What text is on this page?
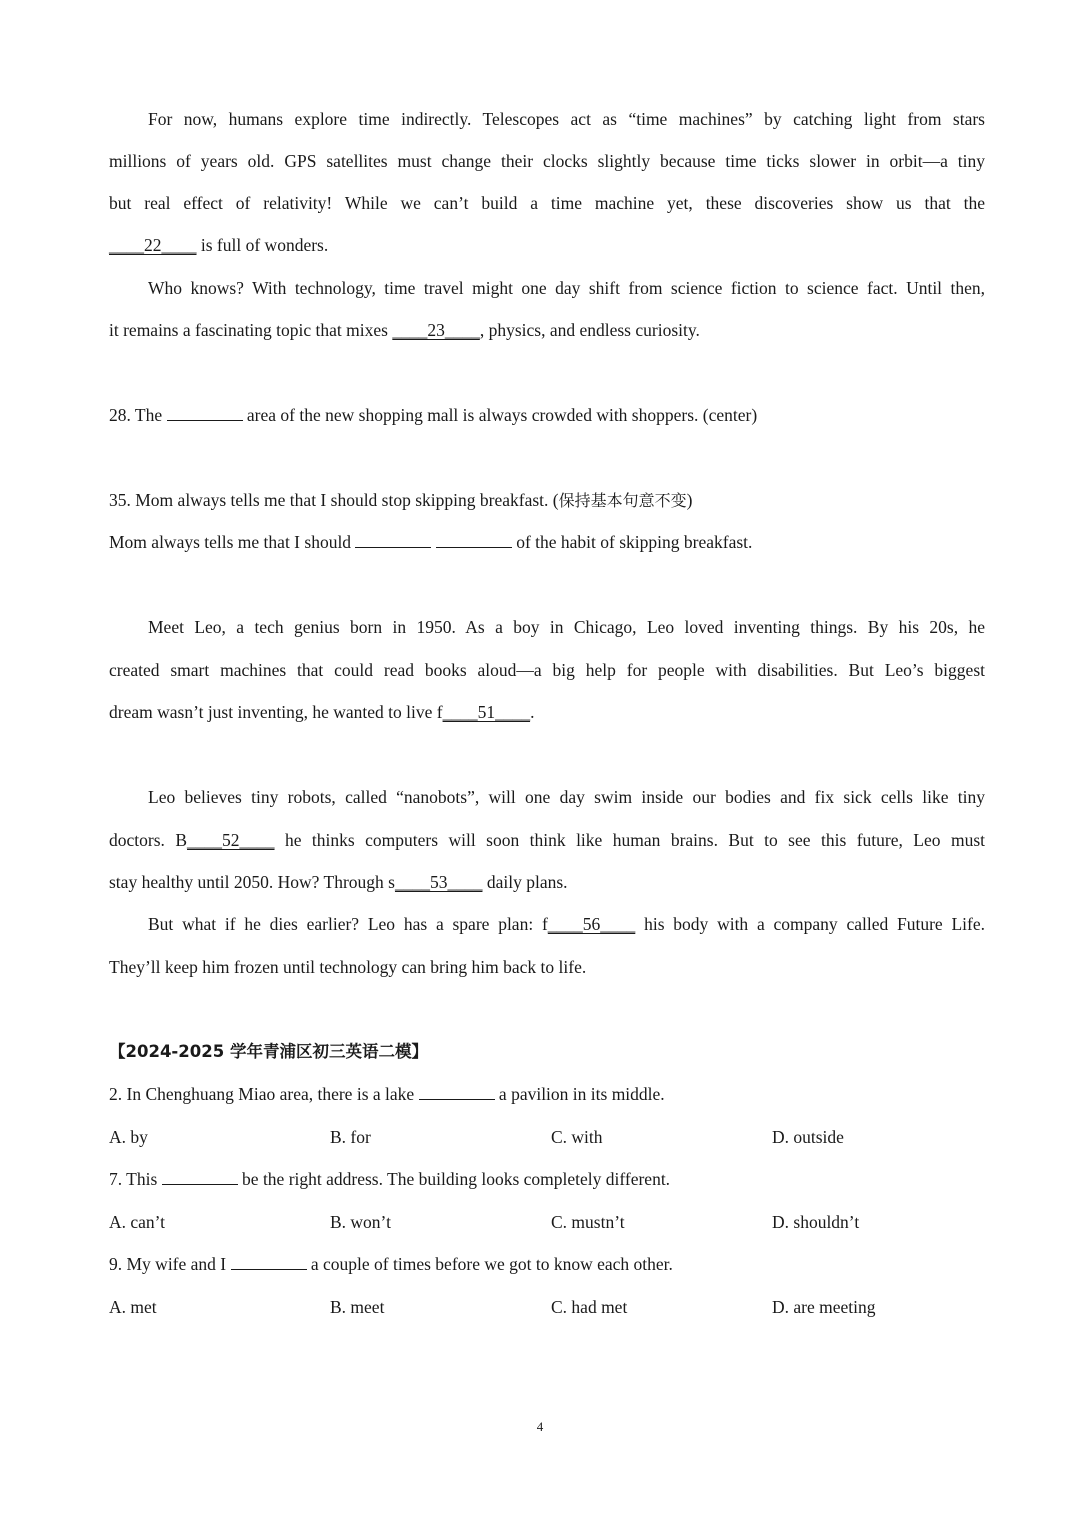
For now, humans explore time indirectly. Telescopes act as “time machines” by catching light from stars
millions of years old. GPS satellites must change their clocks slightly because time ticks slower in orbit—a tiny
but real effect of relativity! While we can’t build a time machine yet, these discoveries show us that the
____22____ is full of wonders.
Who knows? With technology, time travel might one day shift from science fiction to science fact. Until then,
it remains a fascinating topic that mixes ____23____, physics, and endless curiosity.
28. The	area of the new shopping mall is always crowded with shoppers. (center)
35. Mom always tells me that I should stop skipping breakfast. (保持基本句意不变)
Mom always tells me that I should	of the habit of skipping breakfast.
Meet Leo, a tech genius born in 1950. As a boy in Chicago, Leo loved inventing things. By his 20s, he
created smart machines that could read books aloud—a big help for people with disabilities. But Leo’s biggest
dream wasn’t just inventing, he wanted to live f____51____.
Leo believes tiny robots, called “nanobots”, will one day swim inside our bodies and fix sick cells like tiny
doctors. B____52____ he thinks computers will soon think like human brains. But to see this future, Leo must
stay healthy until 2050. How? Through s____53____ daily plans.
But what if he dies earlier? Leo has a spare plan: f____56____ his body with a company called Future Life.
They’ll keep him frozen until technology can bring him back to life.
【2024-2025 学年青浦区初三英语二模】
2. In Chenghuang Miao area, there is a lake	a pavilion in its middle.
A. by	B. for	C. with	D. outside
7. This	be the right address. The building looks completely different.
A. can’t	B. won’t	C. mustn’t	D. shouldn’t
9. My wife and I	a couple of times before we got to know each other.
A. met	B. meet	C. had met	D. are meeting
4
